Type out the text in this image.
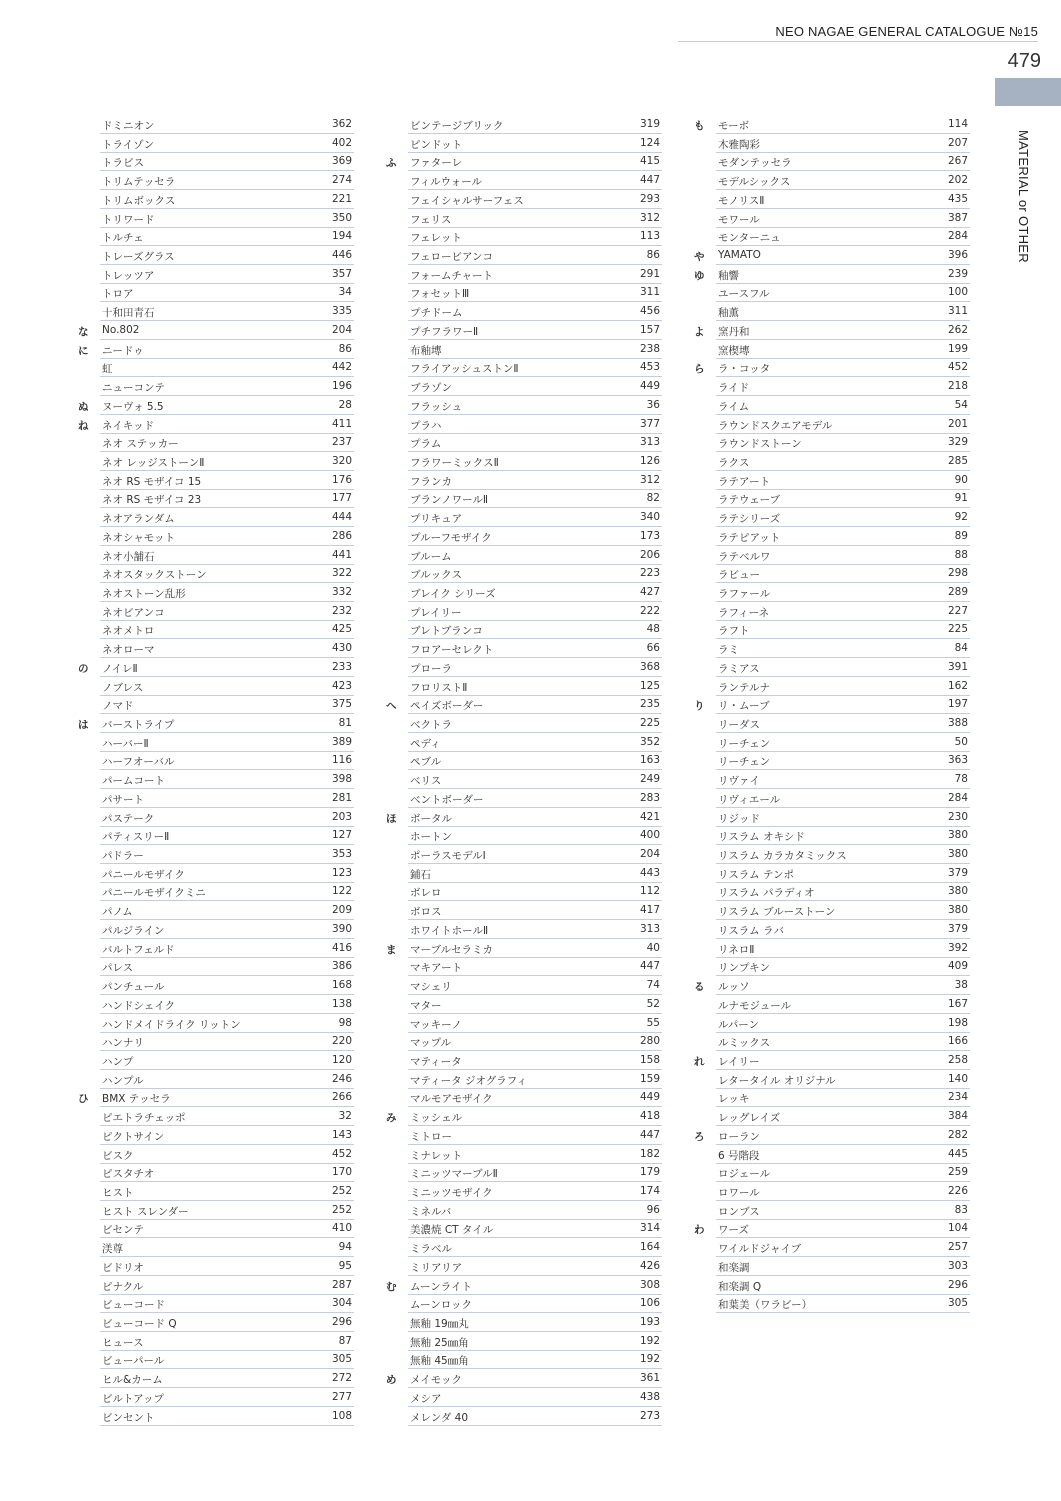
NEO NAGAE GENERAL CATALOGUE №15
479
MATERIAL or OTHER
ドミニオン	362
トライゾン	402
トラビス	369
トリムテッセラ	274
トリムボックス	221
トリワード	350
トルチェ	194
トレーズグラス	446
トレッツア	357
トロア	34
十和田青石	335
な	No.802	204
に	ニードゥ	86
虹	442
ニューコンテ	196
ぬ	ヌーヴォ 5.5	28
ね	ネイキッド	411
ネオ ステッカー	237
ネオ レッジストーンⅡ	320
ネオ RS モザイコ 15	176
ネオ RS モザイコ 23	177
ネオアランダム	444
ネオシャモット	286
ネオ小舗石	441
ネオスタックストーン	322
ネオストーン乱形	332
ネオビアンコ	232
ネオメトロ	425
ネオローマ	430
の	ノイレⅡ	233
ノブレス	423
ノマド	375
は	バーストライプ	81
ハーバーⅡ	389
ハーフオーバル	116
パームコート	398
パサート	281
パステーク	203
パティスリーⅡ	127
パドラー	353
パニールモザイク	123
パニールモザイクミニ	122
パノム	209
パルジライン	390
バルトフェルド	416
パレス	386
パンチュール	168
ハンドシェイク	138
ハンドメイドライク リットン	98
ハンナリ	220
ハンプ	120
ハンプル	246
ひ	BMX テッセラ	266
ピエトラチェッポ	32
ピクトサイン	143
ビスク	452
ピスタチオ	170
ヒスト	252
ヒスト スレンダー	252
ビセンテ	410
渼尊	94
ビドリオ	95
ピナクル	287
ビューコード	304
ビューコード Q	296
ヒュース	87
ビューパール	305
ヒル&カーム	272
ビルトアップ	277
ビンセント	108
ビンテージブリック	319
ピンドット	124
ふ	ファターレ	415
フィルウォール	447
フェイシャルサーフェス	293
フェリス	312
フェレット	113
フェロービアンコ	86
フォームチャート	291
フォセットⅢ	311
プチドーム	456
プチフラワーⅡ	157
布釉塼	238
フライアッシュストンⅡ	453
ブラゾン	449
フラッシュ	36
プラハ	377
プラム	313
フラワーミックスⅡ	126
フランカ	312
ブランノワールⅡ	82
プリキュア	340
プルーフモザイク	173
ブルーム	206
ブルックス	223
ブレイク シリーズ	427
プレイリー	222
ブレトブランコ	48
フロアーセレクト	66
プローラ	368
フロリストⅡ	125
へ	ペイズボーダー	235
ベクトラ	225
ペディ	352
ペブル	163
ベリス	249
ベントボーダー	283
ほ	ボータル	421
ホートン	400
ポーラスモデルⅠ	204
鋪石	443
ボレロ	112
ボロス	417
ホワイトホールⅡ	313
ま	マーブルセラミカ	40
マキアート	447
マシェリ	74
マター	52
マッキーノ	55
マップル	280
マティータ	158
マティータ ジオグラフィ	159
マルモアモザイク	449
み	ミッシェル	418
ミトロー	447
ミナレット	182
ミニッツマーブルⅡ	179
ミニッツモザイク	174
ミネルバ	96
美濃焼 CT タイル	314
ミラベル	164
ミリアリア	426
む	ムーンライト	308
ムーンロック	106
無釉 19㎜丸	193
無釉 25㎜角	192
無釉 45㎜角	192
め	メイモック	361
メシア	438
メレンダ 40	273
も	モーボ	114
木雅陶彩	207
モダンテッセラ	267
モデルシックス	202
モノリスⅡ	435
モワール	387
モンターニュ	284
や	YAMATO	396
ゆ	釉響	239
ユースフル	100
釉薫	311
よ	窯丹和	262
窯楔塼	199
ら	ラ・コッタ	452
ライド	218
ライム	54
ラウンドスクエアモデル	201
ラウンドストーン	329
ラクス	285
ラテアート	90
ラテウェーブ	91
ラテシリーズ	92
ラテピアット	89
ラテベルワ	88
ラビュー	298
ラファール	289
ラフィーネ	227
ラフト	225
ラミ	84
ラミアス	391
ランテルナ	162
り	リ・ムーブ	197
リーダス	388
リーチェン	50
リーチェン	363
リヴァイ	78
リヴィエール	284
リジッド	230
リスラム オキシド	380
リスラム カラカタミックス	380
リスラム テンポ	379
リスラム パラディオ	380
リスラム ブルーストーン	380
リスラム ラバ	379
リネロⅡ	392
リンプキン	409
る	ルッソ	38
ルナモジュール	167
ルパーン	198
ルミックス	166
れ	レイリー	258
レタータイル オリジナル	140
レッキ	234
レッグレイズ	384
ろ	ローラン	282
6 号階段	445
ロジェール	259
ロワール	226
ロンブス	83
わ	ワーズ	104
ワイルドジャイブ	257
和楽調	303
和楽調 Q	296
和葉美（ワラビー）	305
